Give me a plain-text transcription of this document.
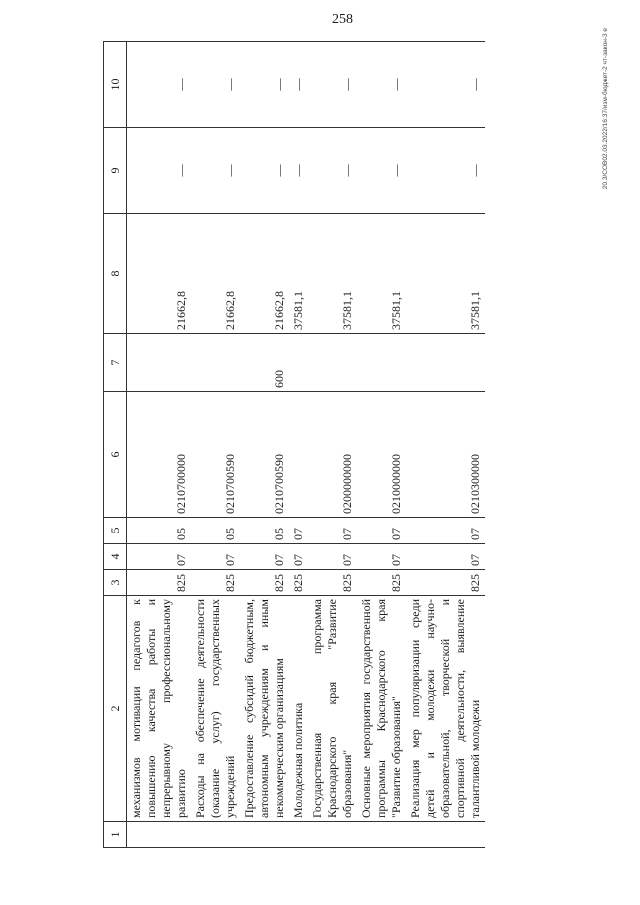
258
20.3/COB02.03.2022/16:37/изм-бюджет-2 чт-закон-3 е
1	2	3	4	5	6	7	8	9	10
	механизмов мотивации педагогов к повышению качества работы и непрерывному профессиональному развитию	825	07	05	0210700000		21662,8	—	—
	Расходы на обеспечение деятельности (оказание услуг) государственных учреждений	825	07	05	0210700590		21662,8	—	—
	Предоставление субсидий бюджетным, автономным учреждениям и иным некоммерческим организациям	825	07	05	0210700590	600	21662,8	—	—
	Молодежная политика	825	07	07			37581,1	—	—
	Государственная программа Краснодарского края "Развитие образования"	825	07	07	0200000000		37581,1	—	—
	Основные мероприятия государственной программы Краснодарского края "Развитие образования"	825	07	07	0210000000		37581,1	—	—
	Реализация мер популяризации среди детей и молодежи научно-образовательной, творческой и спортивной деятельности, выявление талантливой молодежи	825	07	07	0210300000		37581,1	—	—
